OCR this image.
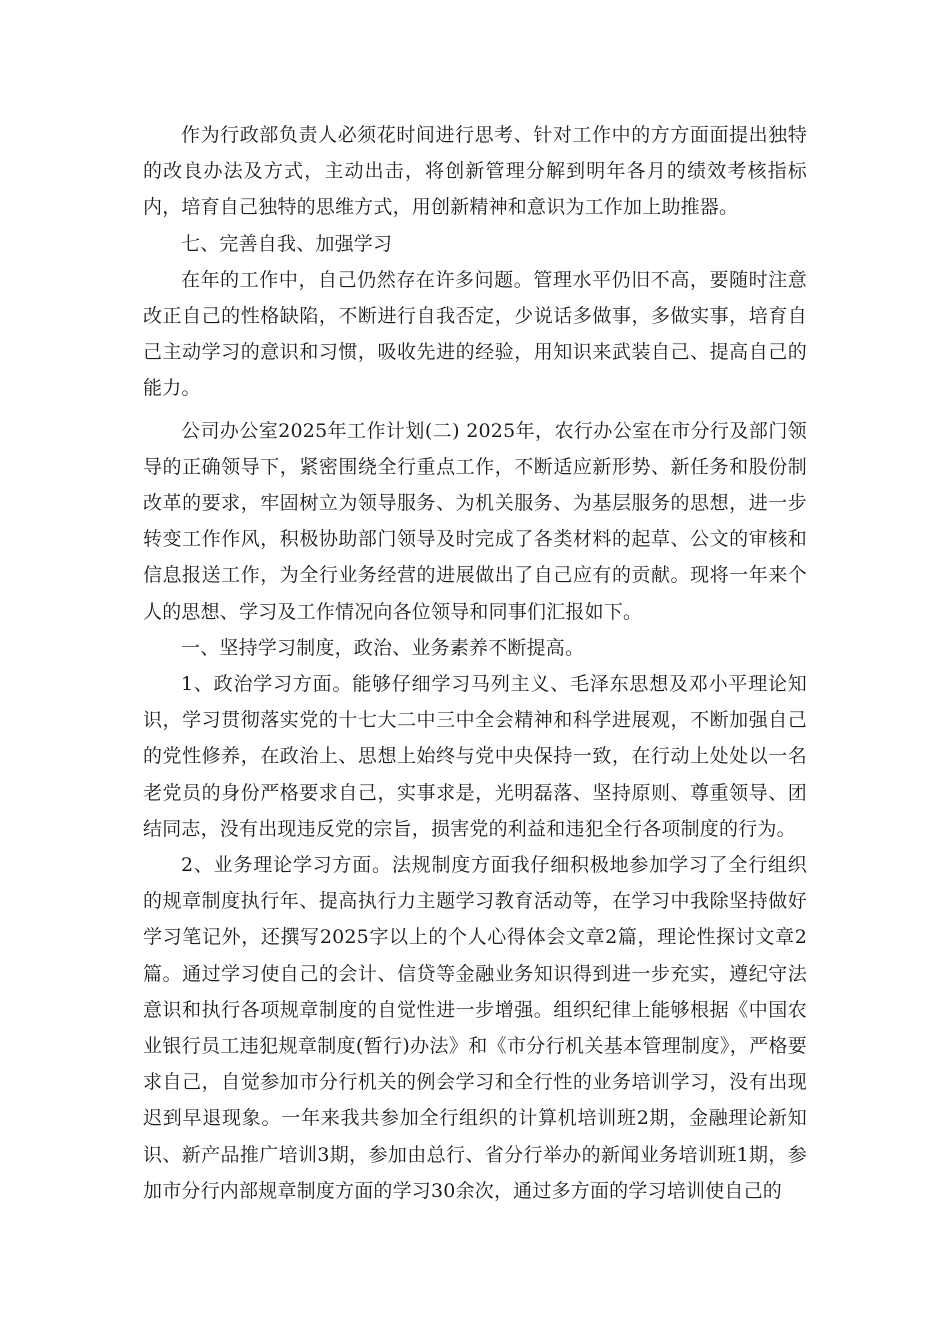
作为行政部负责人必须花时间进行思考、针对工作中的方方面面提出独特的改良办法及方式，主动出击，将创新管理分解到明年各月的绩效考核指标内，培育自己独特的思维方式，用创新精神和意识为工作加上助推器。

七、完善自我、加强学习

在年的工作中，自己仍然存在许多问题。管理水平仍旧不高，要随时注意改正自己的性格缺陷，不断进行自我否定，少说话多做事，多做实事，培育自己主动学习的意识和习惯，吸收先进的经验，用知识来武装自己、提高自己的能力。

公司办公室2025年工作计划(二) 2025年，农行办公室在市分行及部门领导的正确领导下，紧密围绕全行重点工作，不断适应新形势、新任务和股份制改革的要求，牢固树立为领导服务、为机关服务、为基层服务的思想，进一步转变工作作风，积极协助部门领导及时完成了各类材料的起草、公文的审核和信息报送工作，为全行业务经营的进展做出了自己应有的贡献。现将一年来个人的思想、学习及工作情况向各位领导和同事们汇报如下。

一、坚持学习制度，政治、业务素养不断提高。

1、政治学习方面。能够仔细学习马列主义、毛泽东思想及邓小平理论知识，学习贯彻落实党的十七大二中三中全会精神和科学进展观，不断加强自己的党性修养，在政治上、思想上始终与党中央保持一致，在行动上处处以一名老党员的身份严格要求自己，实事求是，光明磊落、坚持原则、尊重领导、团结同志，没有出现违反党的宗旨，损害党的利益和违犯全行各项制度的行为。

2、业务理论学习方面。法规制度方面我仔细积极地参加学习了全行组织的规章制度执行年、提高执行力主题学习教育活动等，在学习中我除坚持做好学习笔记外，还撰写2025字以上的个人心得体会文章2篇，理论性探讨文章2篇。通过学习使自己的会计、信贷等金融业务知识得到进一步充实，遵纪守法意识和执行各项规章制度的自觉性进一步增强。组织纪律上能够根据《中国农业银行员工违犯规章制度(暂行)办法》和《市分行机关基本管理制度》，严格要求自己，自觉参加市分行机关的例会学习和全行性的业务培训学习，没有出现迟到早退现象。一年来我共参加全行组织的计算机培训班2期，金融理论新知识、新产品推广培训3期，参加由总行、省分行举办的新闻业务培训班1期，参加市分行内部规章制度方面的学习30余次，通过多方面的学习培训使自己的
